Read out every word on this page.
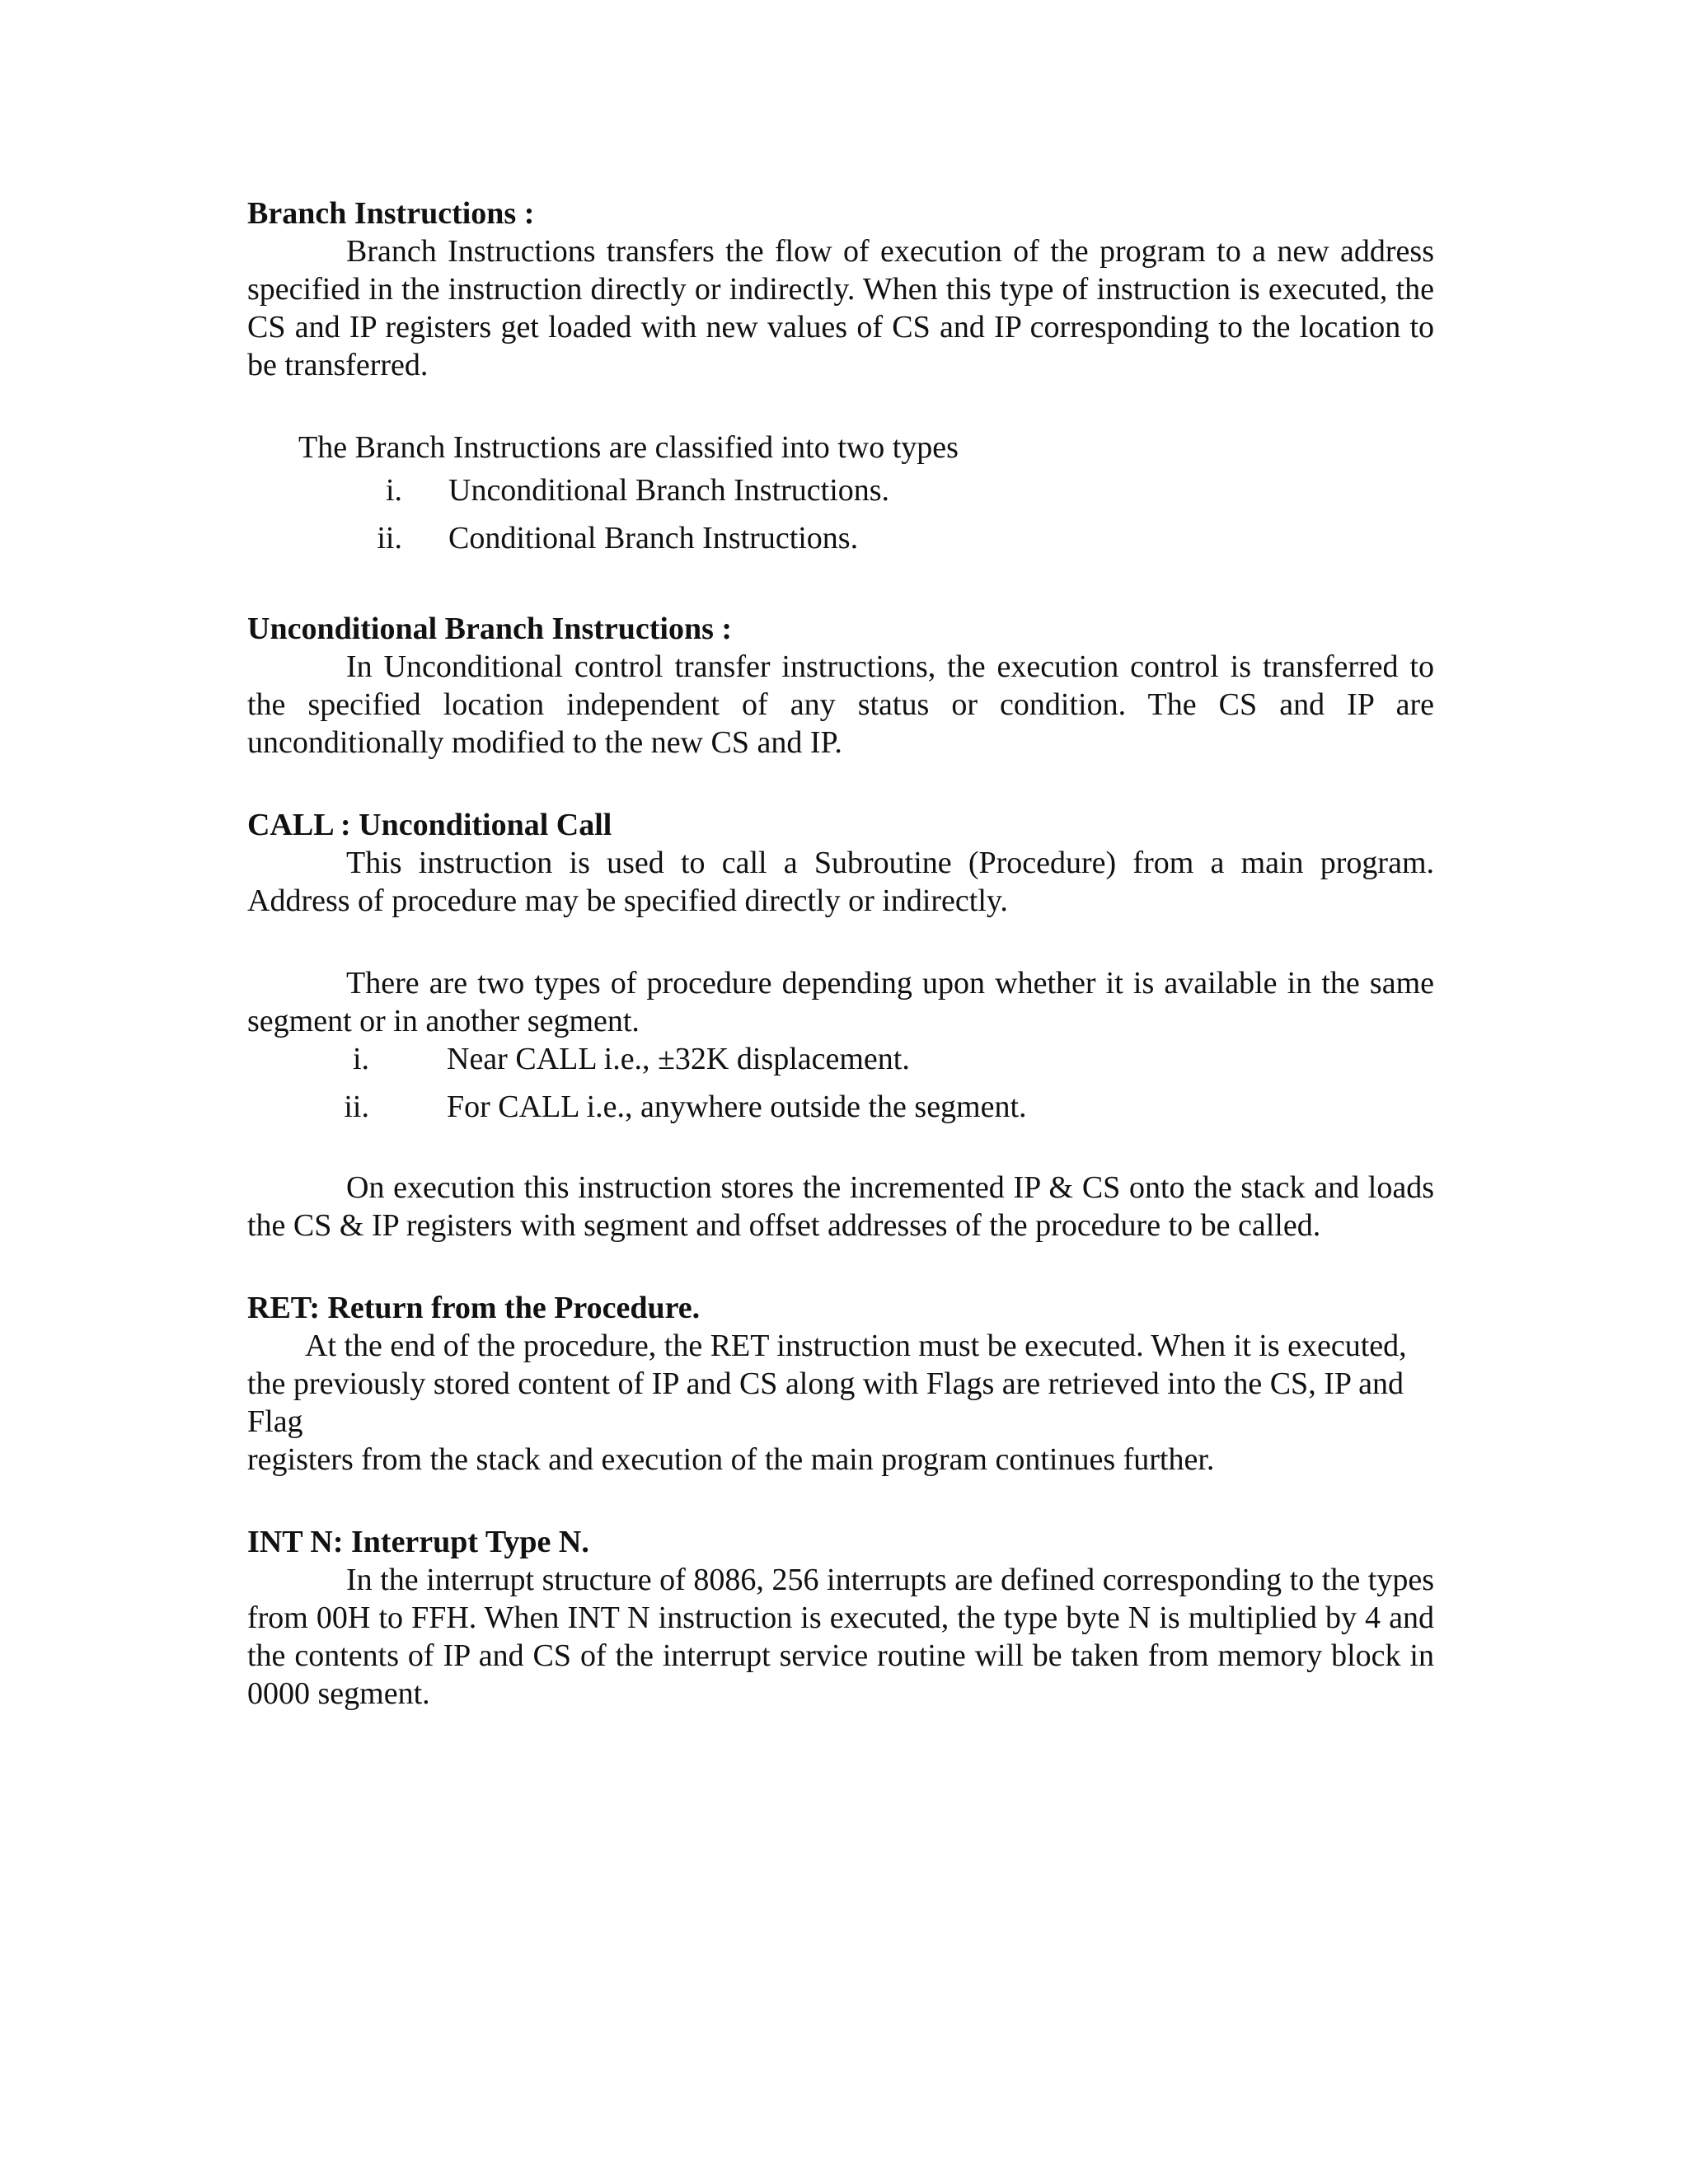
Branch Instructions :

Branch Instructions transfers the flow of execution of the program to a new address specified in the instruction directly or indirectly. When this type of instruction is executed, the CS and IP registers get loaded with new values of CS and IP corresponding to the location to be transferred.

The Branch Instructions are classified into two types

i.	Unconditional Branch Instructions.
ii.	Conditional Branch Instructions.

Unconditional Branch Instructions :

In Unconditional control transfer instructions, the execution control is transferred to the specified location independent of any status or condition. The CS and IP are unconditionally modified to the new CS and IP.

CALL : Unconditional Call

This instruction is used to call a Subroutine (Procedure) from a main program. Address of procedure may be specified directly or indirectly.

There are two types of procedure depending upon whether it is available in the same segment or in another segment.

i.	Near CALL i.e., ±32K displacement.
ii.	For CALL i.e., anywhere outside the segment.

On execution this instruction stores the incremented IP & CS onto the stack and loads the CS & IP registers with segment and offset addresses of the procedure to be called.

RET: Return from the Procedure.

At the end of the procedure, the RET instruction must be executed. When it is executed, the previously stored content of IP and CS along with Flags are retrieved into the CS, IP and Flag

registers from the stack and execution of the main program continues further.

INT N: Interrupt Type N.

In the interrupt structure of 8086, 256 interrupts are defined corresponding to the types from 00H to FFH. When INT N instruction is executed, the type byte N is multiplied by 4 and the contents of IP and CS of the interrupt service routine will be taken from memory block in 0000 segment.
